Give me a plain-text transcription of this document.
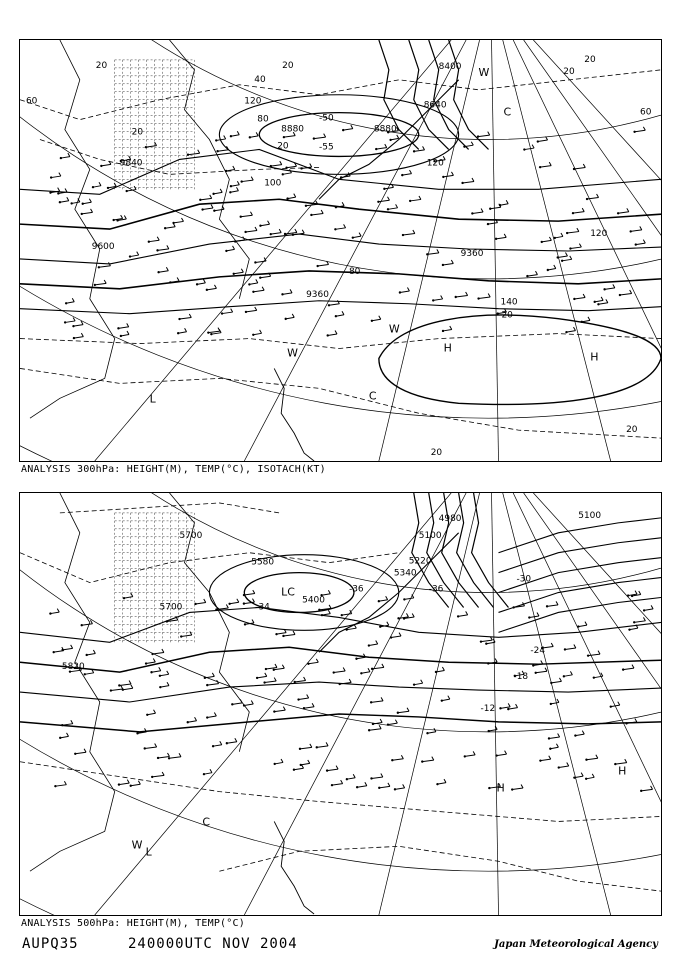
9600
9840
8400
8640
8880	8880
9360
9360
120
120
120
100
140
80
80
40
20	20
20
20
20
20
20
20
20
60
60
-50
-55
H
H
C
W
W
W
C
L
ANALYSIS 300hPa: HEIGHT(M), TEMP(°C), ISOTACH(KT)
5700
5700
5820
5580
5400
5100
5100
4980
5220
5340
-36
-30
-34
-24
-18
-12
-36
LC
H
H
C
W
L
ANALYSIS 500hPa: HEIGHT(M), TEMP(°C)
AUPQ35	240000UTC NOV 2004	Japan Meteorological Agency
